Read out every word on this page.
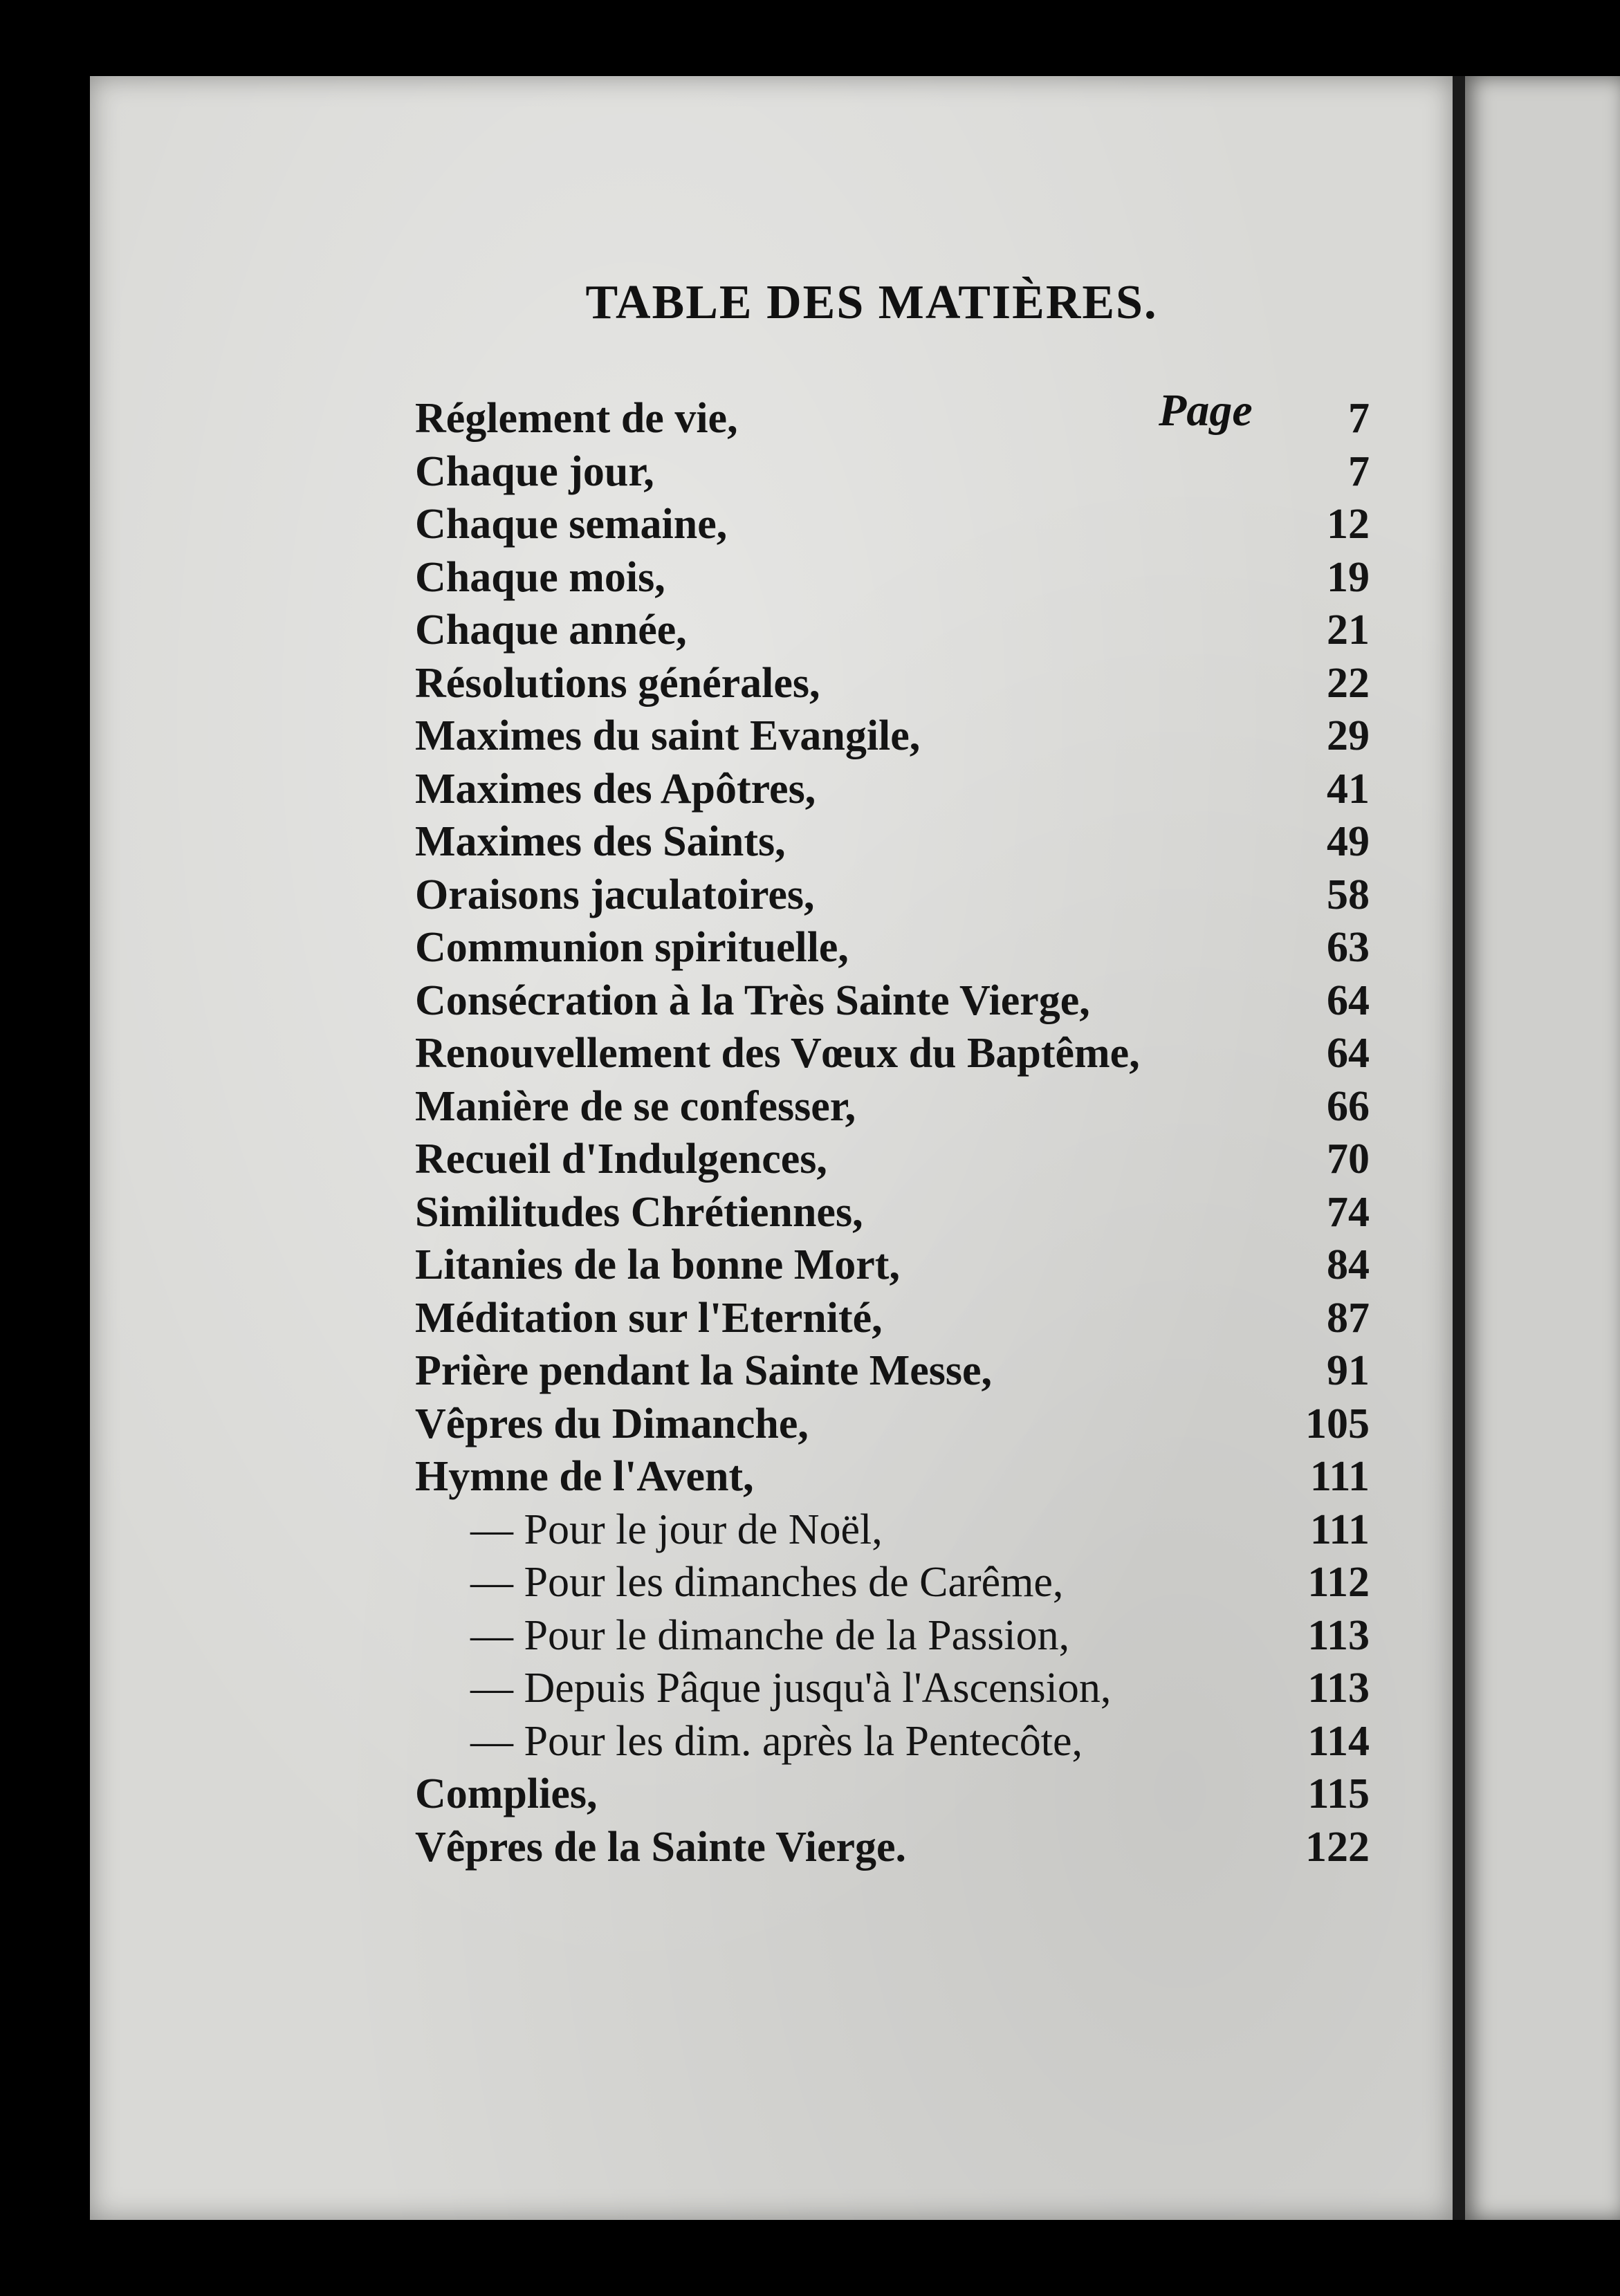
TABLE DES MATIÈRES.
Page
Réglement de vie,	7
Chaque jour,	7
Chaque semaine,	12
Chaque mois,	19
Chaque année,	21
Résolutions générales,	22
Maximes du saint Evangile,	29
Maximes des Apôtres,	41
Maximes des Saints,	49
Oraisons jaculatoires,	58
Communion spirituelle,	63
Consécration à la Très Sainte Vierge,	64
Renouvellement des Vœux du Baptême,	64
Manière de se confesser,	66
Recueil d'Indulgences,	70
Similitudes Chrétiennes,	74
Litanies de la bonne Mort,	84
Méditation sur l'Eternité,	87
Prière pendant la Sainte Messe,	91
Vêpres du Dimanche,	105
Hymne de l'Avent,	111
— Pour le jour de Noël,	111
— Pour les dimanches de Carême,	112
— Pour le dimanche de la Passion,	113
— Depuis Pâque jusqu'à l'Ascension,	113
— Pour les dim. après la Pentecôte,	114
Complies,	115
Vêpres de la Sainte Vierge.	122
